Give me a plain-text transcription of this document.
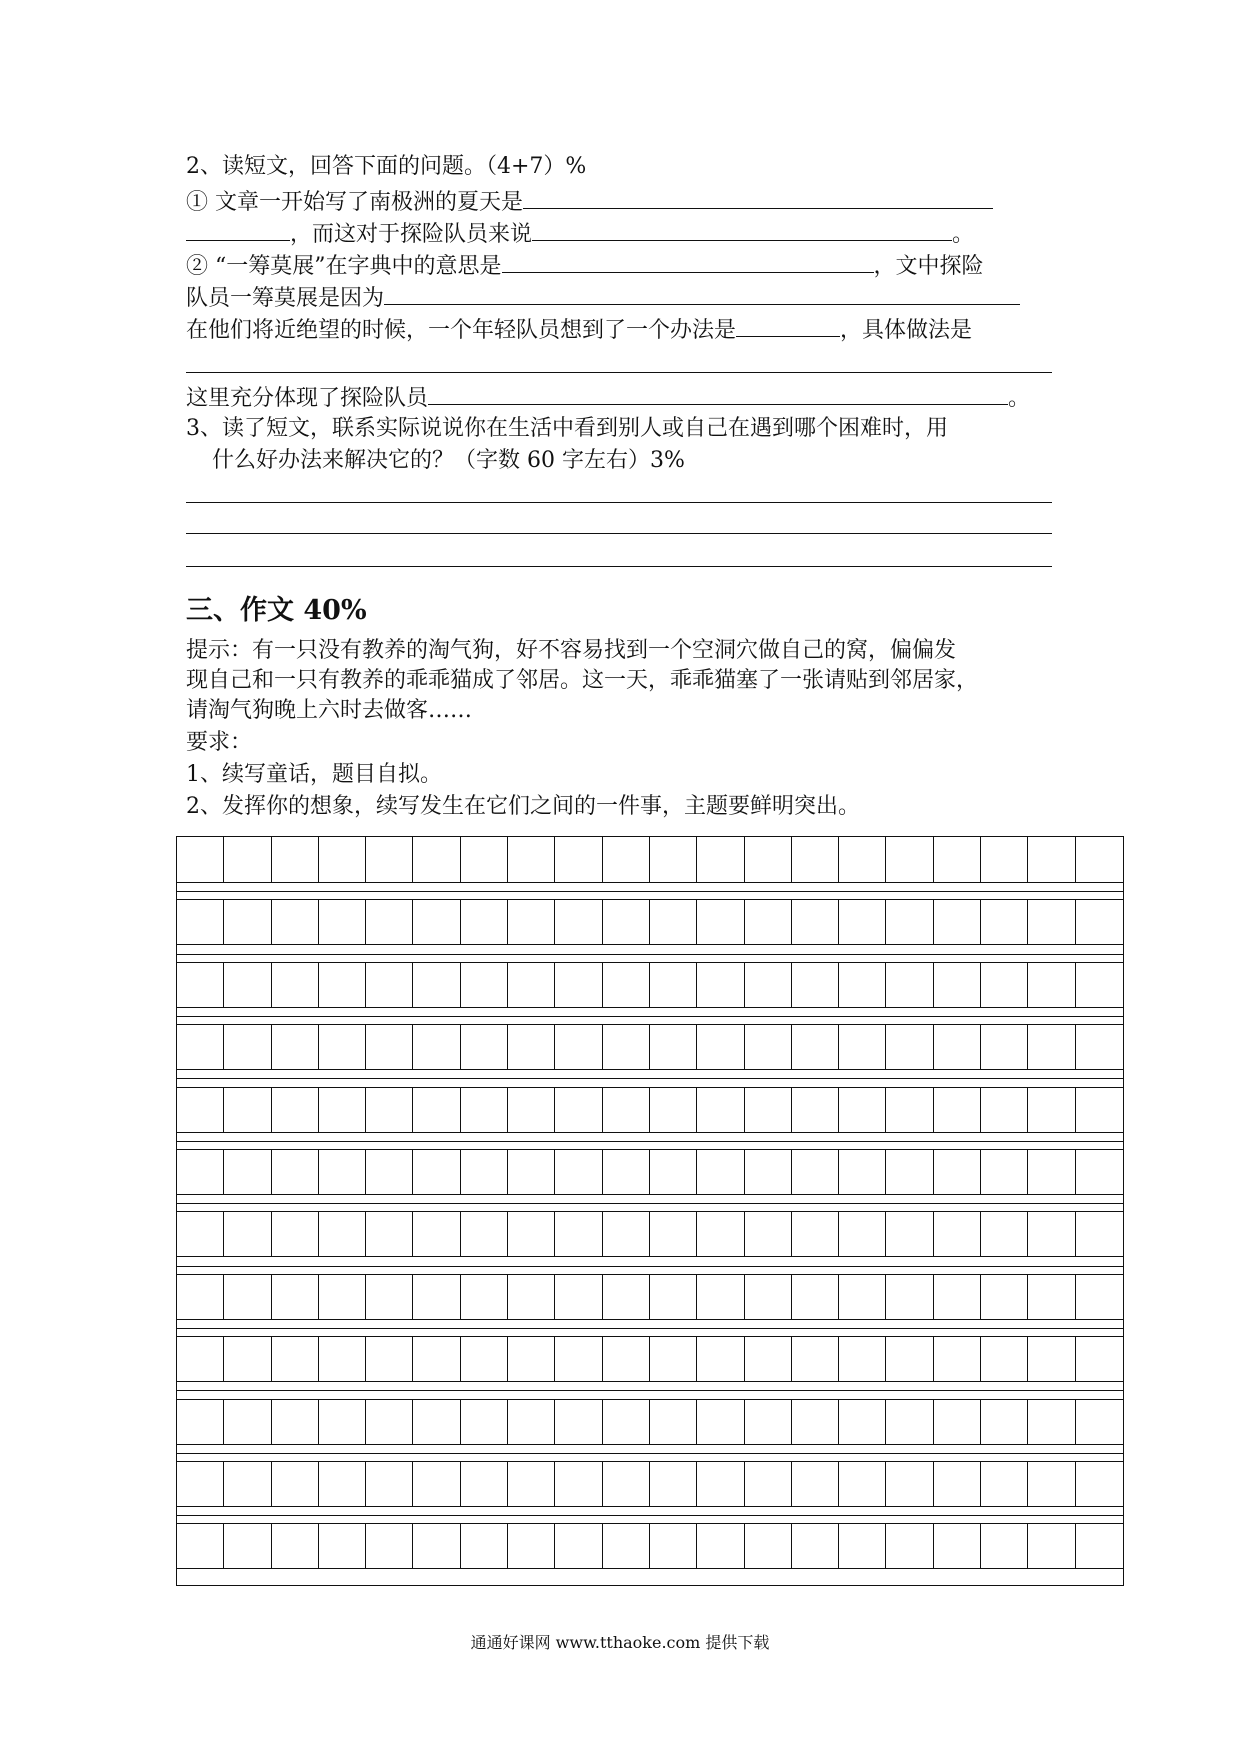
2、读短文，回答下面的问题。（4+7）%
① 文章一开始写了南极洲的夏天是
，而这对于探险队员来说	。
② “一筹莫展”在字典中的意思是	，文中探险
队员一筹莫展是因为
在他们将近绝望的时候，一个年轻队员想到了一个办法是	，具体做法是
这里充分体现了探险队员	。
3、读了短文，联系实际说说你在生活中看到别人或自己在遇到哪个困难时，用
什么好办法来解决它的？（字数 60 字左右）3%
三、作文 40%
提示：有一只没有教养的淘气狗，好不容易找到一个空洞穴做自己的窝，偏偏发
现自己和一只有教养的乖乖猫成了邻居。这一天，乖乖猫塞了一张请贴到邻居家，
请淘气狗晚上六时去做客……
要求：
1、续写童话，题目自拟。
2、发挥你的想象，续写发生在它们之间的一件事，主题要鲜明突出。
通通好课网 www.tthaoke.com 提供下载
